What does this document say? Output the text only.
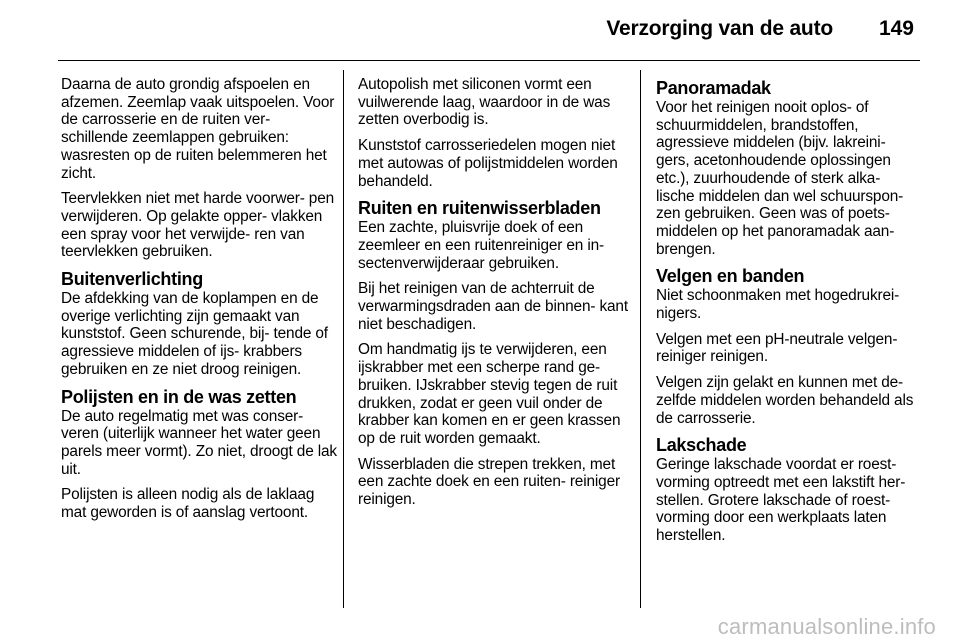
Verzorging van de auto 149

Daarna de auto grondig afspoelen en afzemen. Zeemlap vaak uitspoelen. Voor de carrosserie en de ruiten ver- schillende zeemlappen gebruiken: wasresten op de ruiten belemmeren het zicht.

Teervlekken niet met harde voorwer- pen verwijderen. Op gelakte opper- vlakken een spray voor het verwijde- ren van teervlekken gebruiken.

Buitenverlichting

De afdekking van de koplampen en de overige verlichting zijn gemaakt van kunststof. Geen schurende, bij- tende of agressieve middelen of ijs- krabbers gebruiken en ze niet droog reinigen.

Polijsten en in de was zetten

De auto regelmatig met was conser- veren (uiterlijk wanneer het water geen parels meer vormt). Zo niet, droogt de lak uit.

Polijsten is alleen nodig als de laklaag mat geworden is of aanslag vertoont.

Autopolish met siliconen vormt een vuilwerende laag, waardoor in de was zetten overbodig is.

Kunststof carrosseriedelen mogen niet met autowas of polijstmiddelen worden behandeld.

Ruiten en ruitenwisserbladen

Een zachte, pluisvrije doek of een zeemleer en een ruitenreiniger en in- sectenverwijderaar gebruiken.

Bij het reinigen van de achterruit de verwarmingsdraden aan de binnen- kant niet beschadigen.

Om handmatig ijs te verwijderen, een ijskrabber met een scherpe rand ge- bruiken. IJskrabber stevig tegen de ruit drukken, zodat er geen vuil onder de krabber kan komen en er geen krassen op de ruit worden gemaakt.

Wisserbladen die strepen trekken, met een zachte doek en een ruiten- reiniger reinigen.

Panoramadak

Voor het reinigen nooit oplos- of schuurmiddelen, brandstoffen, agressieve middelen (bijv. lakreini- gers, acetonhoudende oplossingen etc.), zuurhoudende of sterk alka- lische middelen dan wel schuurspon- zen gebruiken. Geen was of poets- middelen op het panoramadak aan- brengen.

Velgen en banden

Niet schoonmaken met hogedrukrei- nigers.

Velgen met een pH-neutrale velgen- reiniger reinigen.

Velgen zijn gelakt en kunnen met de- zelfde middelen worden behandeld als de carrosserie.

Lakschade

Geringe lakschade voordat er roest- vorming optreedt met een lakstift her- stellen. Grotere lakschade of roest- vorming door een werkplaats laten herstellen.

carmanualsonline.info
